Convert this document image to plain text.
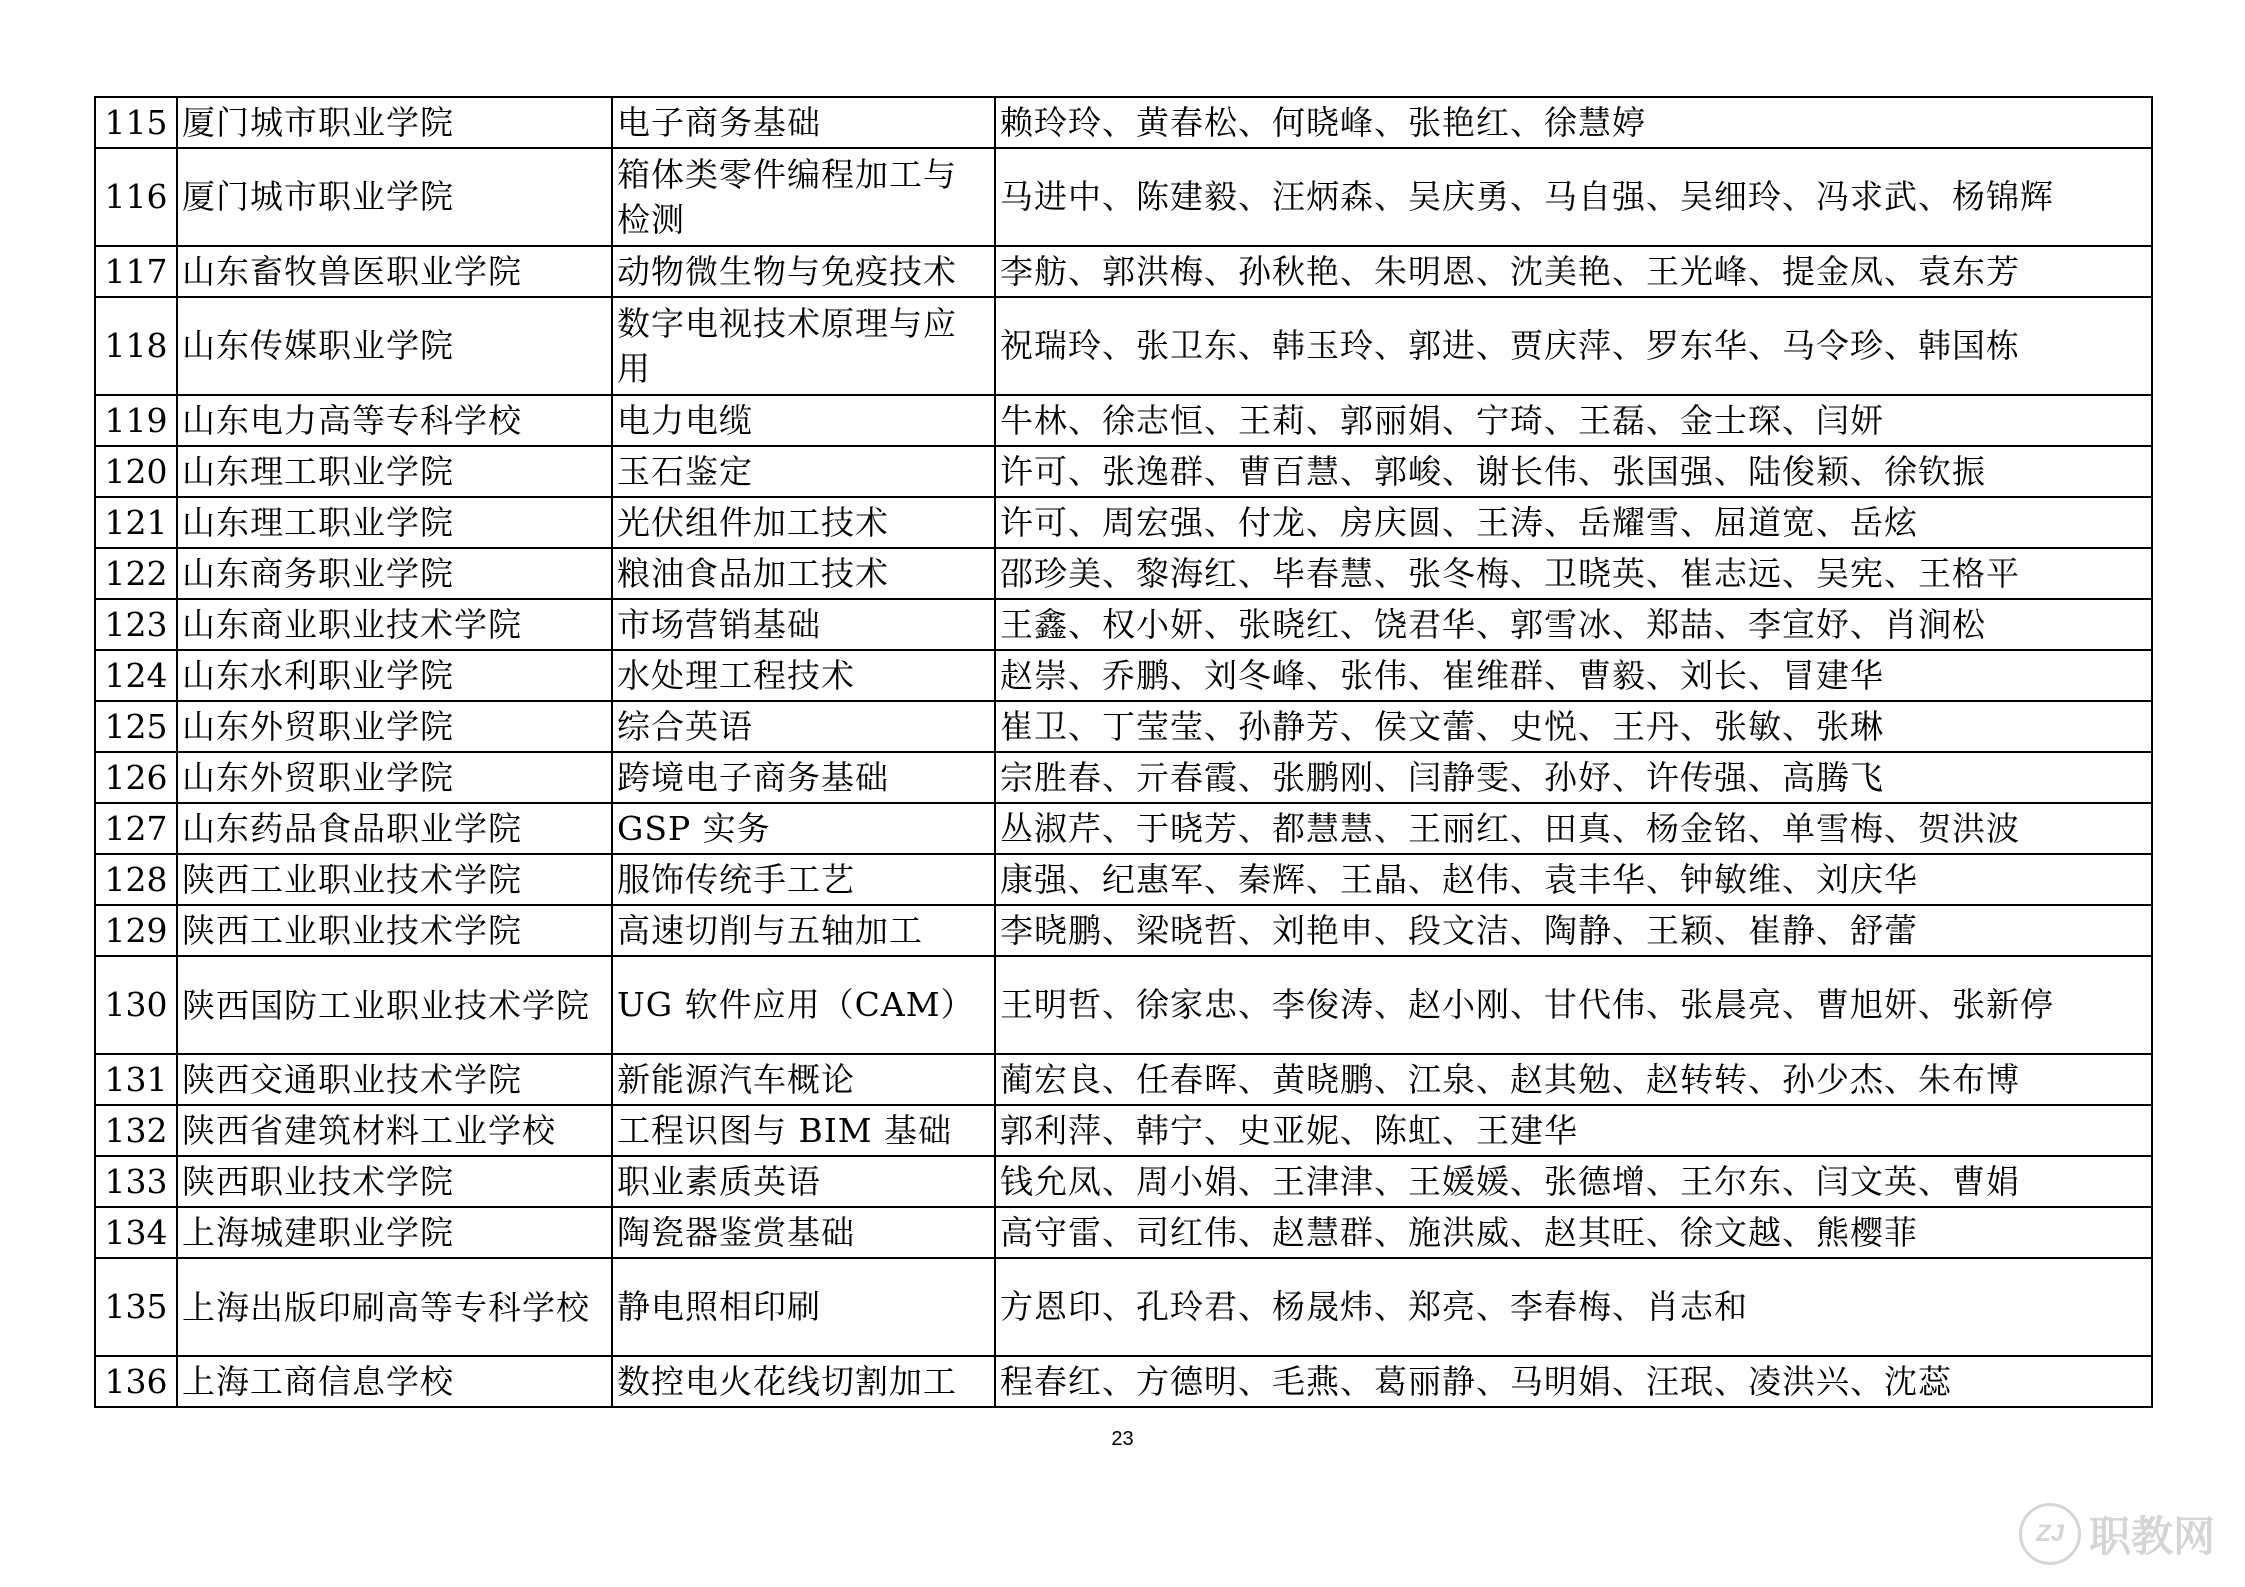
115	厦门城市职业学院	电子商务基础	赖玲玲、黄春松、何晓峰、张艳红、徐慧婷
116	厦门城市职业学院	箱体类零件编程加工与检测	马进中、陈建毅、汪炳森、吴庆勇、马自强、吴细玲、冯求武、杨锦辉
117	山东畜牧兽医职业学院	动物微生物与免疫技术	李舫、郭洪梅、孙秋艳、朱明恩、沈美艳、王光峰、提金凤、袁东芳
118	山东传媒职业学院	数字电视技术原理与应用	祝瑞玲、张卫东、韩玉玲、郭进、贾庆萍、罗东华、马令珍、韩国栋
119	山东电力高等专科学校	电力电缆	牛林、徐志恒、王莉、郭丽娟、宁琦、王磊、金士琛、闫妍
120	山东理工职业学院	玉石鉴定	许可、张逸群、曹百慧、郭峻、谢长伟、张国强、陆俊颖、徐钦振
121	山东理工职业学院	光伏组件加工技术	许可、周宏强、付龙、房庆圆、王涛、岳耀雪、屈道宽、岳炫
122	山东商务职业学院	粮油食品加工技术	邵珍美、黎海红、毕春慧、张冬梅、卫晓英、崔志远、吴宪、王格平
123	山东商业职业技术学院	市场营销基础	王鑫、权小妍、张晓红、饶君华、郭雪冰、郑喆、李宣妤、肖涧松
124	山东水利职业学院	水处理工程技术	赵崇、乔鹏、刘冬峰、张伟、崔维群、曹毅、刘长、冒建华
125	山东外贸职业学院	综合英语	崔卫、丁莹莹、孙静芳、侯文蕾、史悦、王丹、张敏、张琳
126	山东外贸职业学院	跨境电子商务基础	宗胜春、亓春霞、张鹏刚、闫静雯、孙妤、许传强、高腾飞
127	山东药品食品职业学院	GSP 实务	丛淑芹、于晓芳、都慧慧、王丽红、田真、杨金铭、单雪梅、贺洪波
128	陕西工业职业技术学院	服饰传统手工艺	康强、纪惠军、秦辉、王晶、赵伟、袁丰华、钟敏维、刘庆华
129	陕西工业职业技术学院	高速切削与五轴加工	李晓鹏、梁晓哲、刘艳申、段文洁、陶静、王颖、崔静、舒蕾
130	陕西国防工业职业技术学院	UG 软件应用（CAM）	王明哲、徐家忠、李俊涛、赵小刚、甘代伟、张晨亮、曹旭妍、张新停
131	陕西交通职业技术学院	新能源汽车概论	蔺宏良、任春晖、黄晓鹏、江泉、赵其勉、赵转转、孙少杰、朱布博
132	陕西省建筑材料工业学校	工程识图与 BIM 基础	郭利萍、韩宁、史亚妮、陈虹、王建华
133	陕西职业技术学院	职业素质英语	钱允凤、周小娟、王津津、王媛媛、张德增、王尔东、闫文英、曹娟
134	上海城建职业学院	陶瓷器鉴赏基础	高守雷、司红伟、赵慧群、施洪威、赵其旺、徐文越、熊樱菲
135	上海出版印刷高等专科学校	静电照相印刷	方恩印、孔玲君、杨晟炜、郑亮、李春梅、肖志和
136	上海工商信息学校	数控电火花线切割加工	程春红、方德明、毛燕、葛丽静、马明娟、汪珉、凌洪兴、沈蕊
23
ZJ 职教网
